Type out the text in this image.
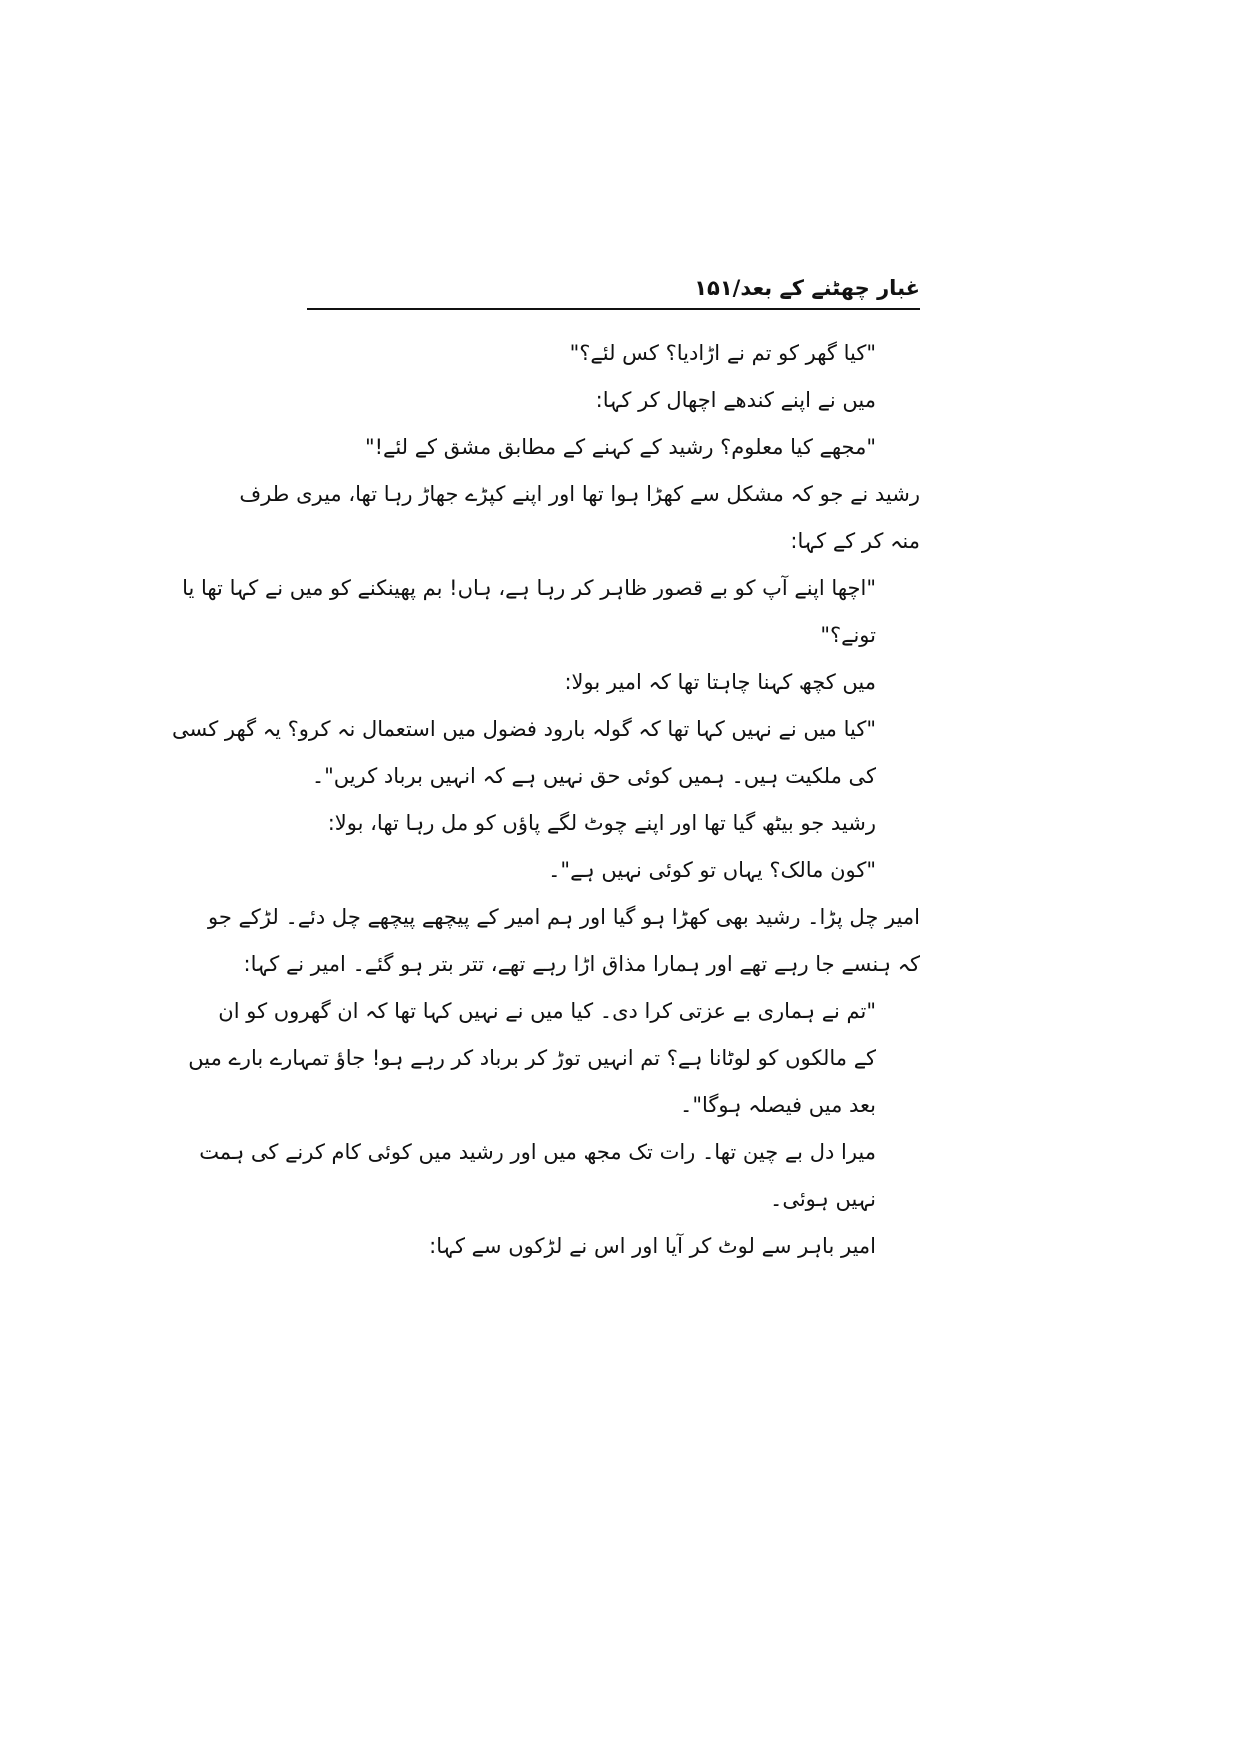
غبار چھٹنے کے بعد/۱۵۱

"کیا گھر کو تم نے اڑادیا؟ کس لئے؟"

میں نے اپنے کندھے اچھال کر کہا:

"مجھے کیا معلوم؟ رشید کے کہنے کے مطابق مشق کے لئے!"

رشید نے جو کہ مشکل سے کھڑا ہوا تھا اور اپنے کپڑے جھاڑ رہا تھا، میری طرف

منہ کر کے کہا:

"اچھا اپنے آپ کو بے قصور ظاہر کر رہا ہے، ہاں! بم پھینکنے کو میں نے کہا تھا یا

تونے؟"

میں کچھ کہنا چاہتا تھا کہ امیر بولا:

"کیا میں نے نہیں کہا تھا کہ گولہ بارود فضول میں استعمال نہ کرو؟ یہ گھر کسی

کی ملکیت ہیں۔ ہمیں کوئی حق نہیں ہے کہ انہیں برباد کریں"۔

رشید جو بیٹھ گیا تھا اور اپنے چوٹ لگے پاؤں کو مل رہا تھا، بولا:

"کون مالک؟ یہاں تو کوئی نہیں ہے"۔

امیر چل پڑا۔ رشید بھی کھڑا ہو گیا اور ہم امیر کے پیچھے پیچھے چل دئے۔ لڑکے جو

کہ ہنسے جا رہے تھے اور ہمارا مذاق اڑا رہے تھے، تتر بتر ہو گئے۔ امیر نے کہا:

"تم نے ہماری بے عزتی کرا دی۔ کیا میں نے نہیں کہا تھا کہ ان گھروں کو ان

کے مالکوں کو لوٹانا ہے؟ تم انہیں توڑ کر برباد کر رہے ہو! جاؤ تمہارے بارے میں

بعد میں فیصلہ ہوگا"۔

میرا دل بے چین تھا۔ رات تک مجھ میں اور رشید میں کوئی کام کرنے کی ہمت

نہیں ہوئی۔

امیر باہر سے لوٹ کر آیا اور اس نے لڑکوں سے کہا:
